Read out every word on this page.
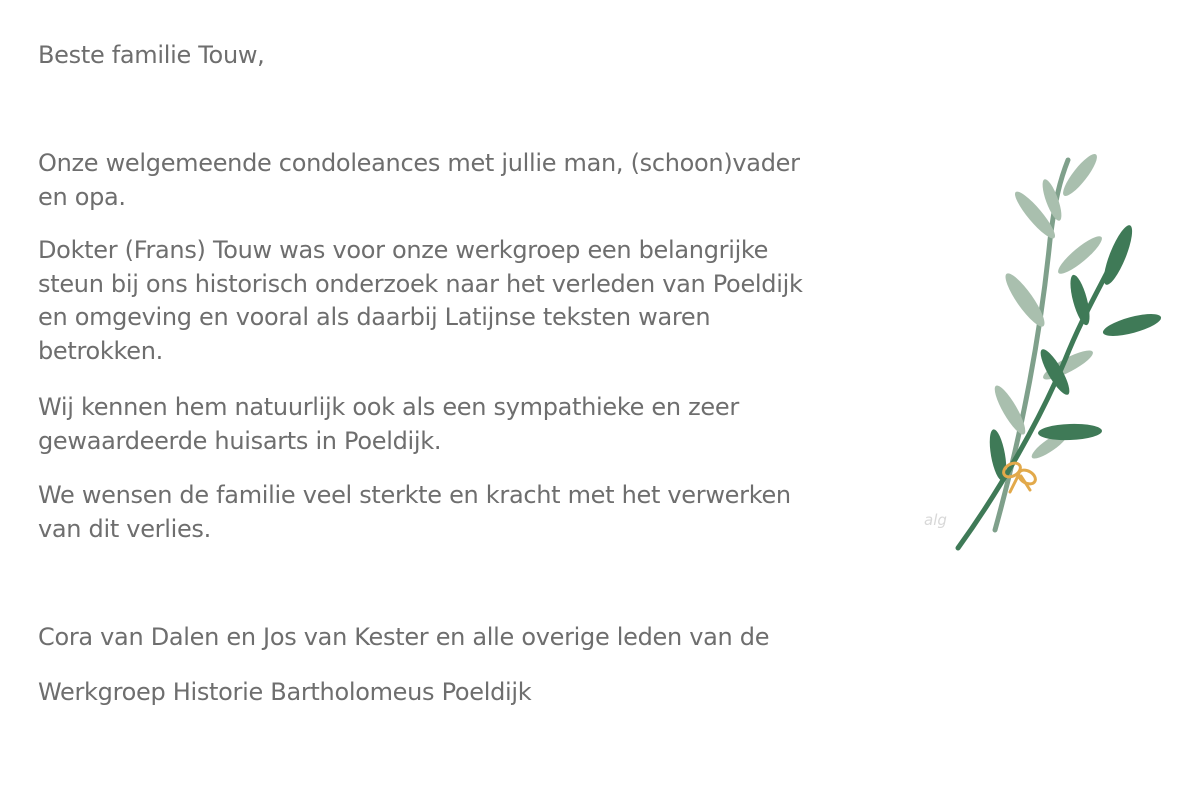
Beste familie Touw,

Onze welgemeende condoleances met jullie man, (schoon)vader
en opa.
Dokter (Frans) Touw was voor onze werkgroep een belangrijke
steun bij ons historisch onderzoek naar het verleden van Poeldijk
en omgeving en vooral als daarbij Latijnse teksten waren
betrokken.
Wij kennen hem natuurlijk ook als een sympathieke en zeer
gewaardeerde huisarts in Poeldijk.
We wensen de familie veel sterkte en kracht met het verwerken
van dit verlies.

Cora van Dalen en Jos van Kester en alle overige leden van de

Werkgroep Historie Bartholomeus Poeldijk

alg
